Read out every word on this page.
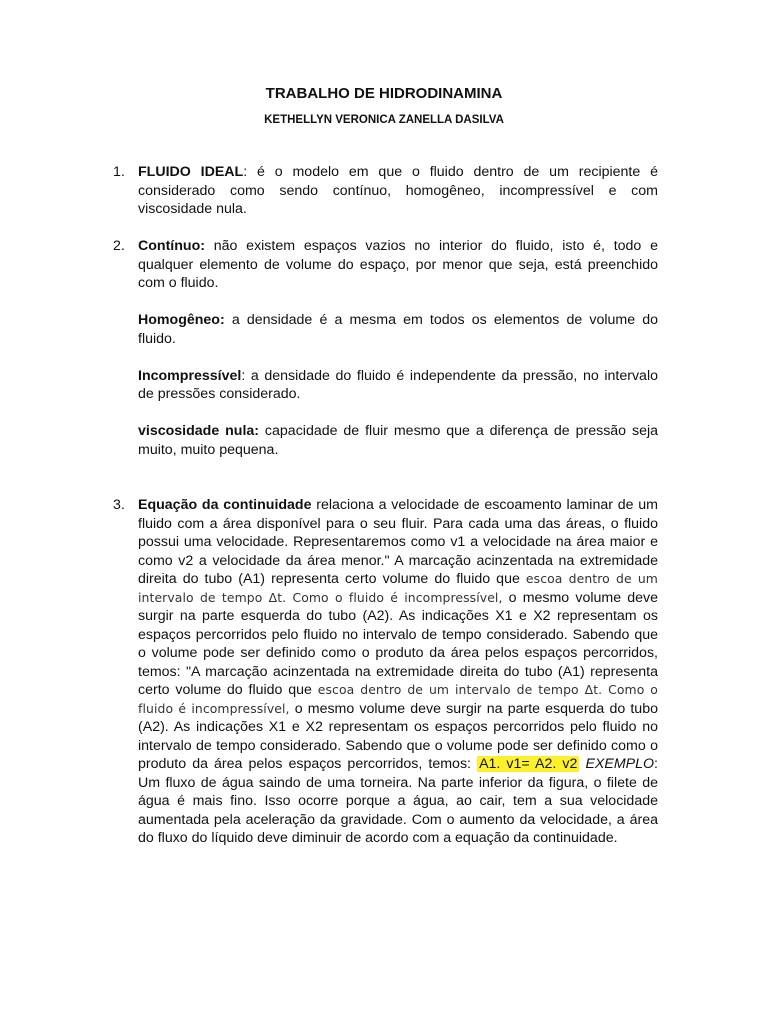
TRABALHO DE HIDRODINAMINA
KETHELLYN VERONICA ZANELLA DASILVA
1. FLUIDO IDEAL: é o modelo em que o fluido dentro de um recipiente é considerado como sendo contínuo, homogêneo, incompressível e com viscosidade nula.

2. Contínuo: não existem espaços vazios no interior do fluido, isto é, todo e qualquer elemento de volume do espaço, por menor que seja, está preenchido com o fluido.

Homogêneo: a densidade é a mesma em todos os elementos de volume do fluido.

Incompressível: a densidade do fluido é independente da pressão, no intervalo de pressões considerado.

viscosidade nula: capacidade de fluir mesmo que a diferença de pressão seja muito, muito pequena.

3. Equação da continuidade relaciona a velocidade de escoamento laminar de um fluido com a área disponível para o seu fluir. Para cada uma das áreas, o fluido possui uma velocidade. Representaremos como v1 a velocidade na área maior e como v2 a velocidade da área menor." A marcação acinzentada na extremidade direita do tubo (A1) representa certo volume do fluido que escoa dentro de um intervalo de tempo Δt. Como o fluido é incompressível, o mesmo volume deve surgir na parte esquerda do tubo (A2). As indicações X1 e X2 representam os espaços percorridos pelo fluido no intervalo de tempo considerado. Sabendo que o volume pode ser definido como o produto da área pelos espaços percorridos, temos: "A marcação acinzentada na extremidade direita do tubo (A1) representa certo volume do fluido que escoa dentro de um intervalo de tempo Δt. Como o fluido é incompressível, o mesmo volume deve surgir na parte esquerda do tubo (A2). As indicações X1 e X2 representam os espaços percorridos pelo fluido no intervalo de tempo considerado. Sabendo que o volume pode ser definido como o produto da área pelos espaços percorridos, temos: A1. v1= A2. v2 EXEMPLO: Um fluxo de água saindo de uma torneira. Na parte inferior da figura, o filete de água é mais fino. Isso ocorre porque a água, ao cair, tem a sua velocidade aumentada pela aceleração da gravidade. Com o aumento da velocidade, a área do fluxo do líquido deve diminuir de acordo com a equação da continuidade.
